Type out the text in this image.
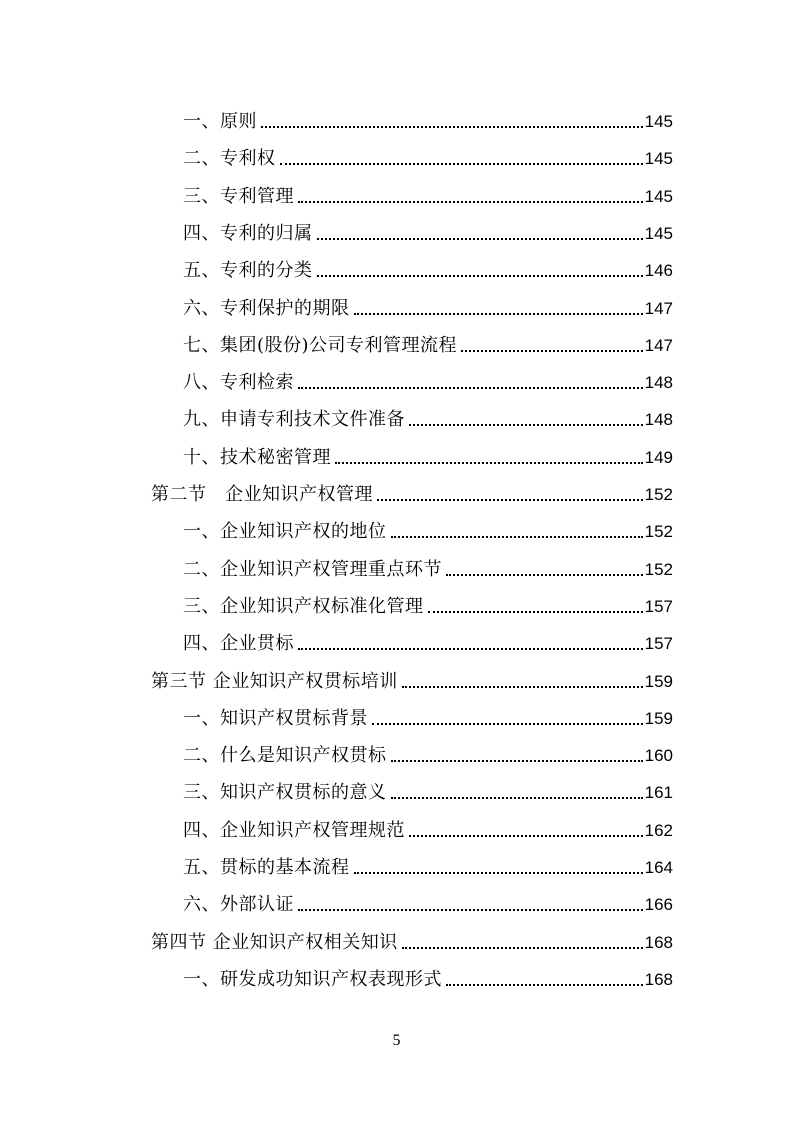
一、原则	145
二、专利权	145
三、专利管理	145
四、专利的归属	145
五、专利的分类	146
六、专利保护的期限	147
七、集团(股份)公司专利管理流程	147
八、专利检索	148
九、申请专利技术文件准备	148
十、技术秘密管理	149
第二节　企业知识产权管理	152
一、企业知识产权的地位	152
二、企业知识产权管理重点环节	152
三、企业知识产权标准化管理	157
四、企业贯标	157
第三节 企业知识产权贯标培训	159
一、知识产权贯标背景	159
二、什么是知识产权贯标	160
三、知识产权贯标的意义	161
四、企业知识产权管理规范	162
五、贯标的基本流程	164
六、外部认证	166
第四节 企业知识产权相关知识	168
一、研发成功知识产权表现形式	168
5
